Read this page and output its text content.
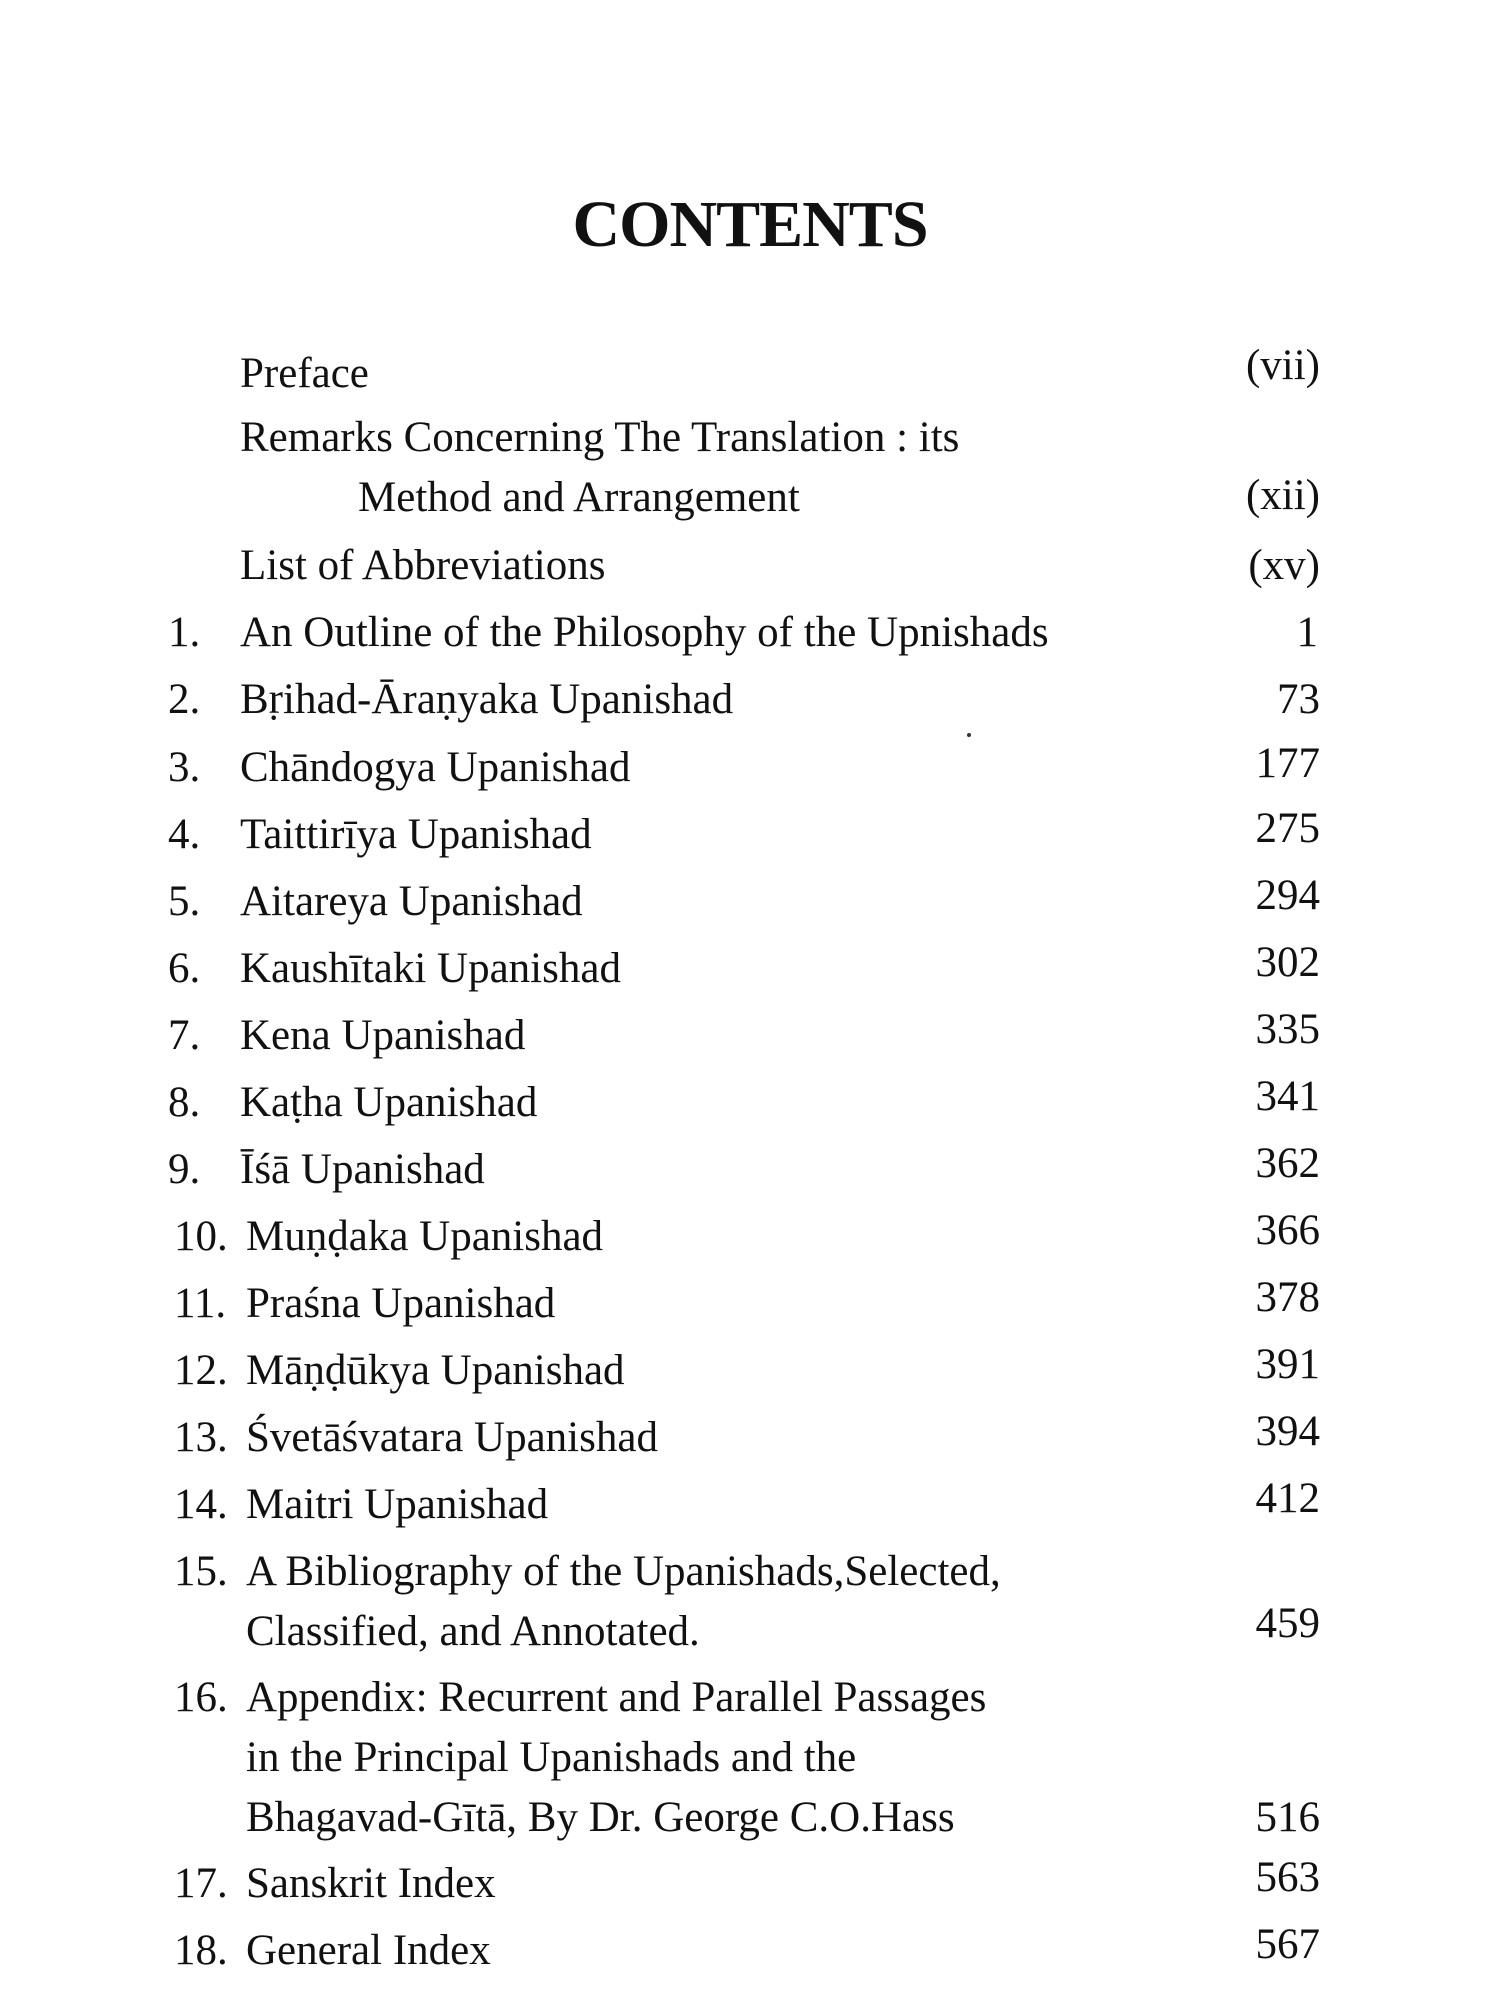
CONTENTS
Preface	(vii)
Remarks Concerning The Translation : its
Method and Arrangement	(xii)
List of Abbreviations	(xv)
1. An Outline of the Philosophy of the Upnishads	1
2. Bṛihad-Āraṇyaka Upanishad	73
3. Chāndogya Upanishad	177
4. Taittirīya Upanishad	275
5. Aitareya Upanishad	294
6. Kaushītaki Upanishad	302
7. Kena Upanishad	335
8. Kaṭha Upanishad	341
9. Īśā Upanishad	362
10. Muṇḍaka Upanishad	366
11. Praśna Upanishad	378
12. Māṇḍūkya Upanishad	391
13. Śvetāśvatara Upanishad	394
14. Maitri Upanishad	412
15. A Bibliography of the Upanishads,Selected,
Classified, and Annotated.	459
16. Appendix: Recurrent and Parallel Passages
in the Principal Upanishads and the
Bhagavad-Gītā, By Dr. George C.O.Hass	516
17. Sanskrit Index	563
18. General Index	567
